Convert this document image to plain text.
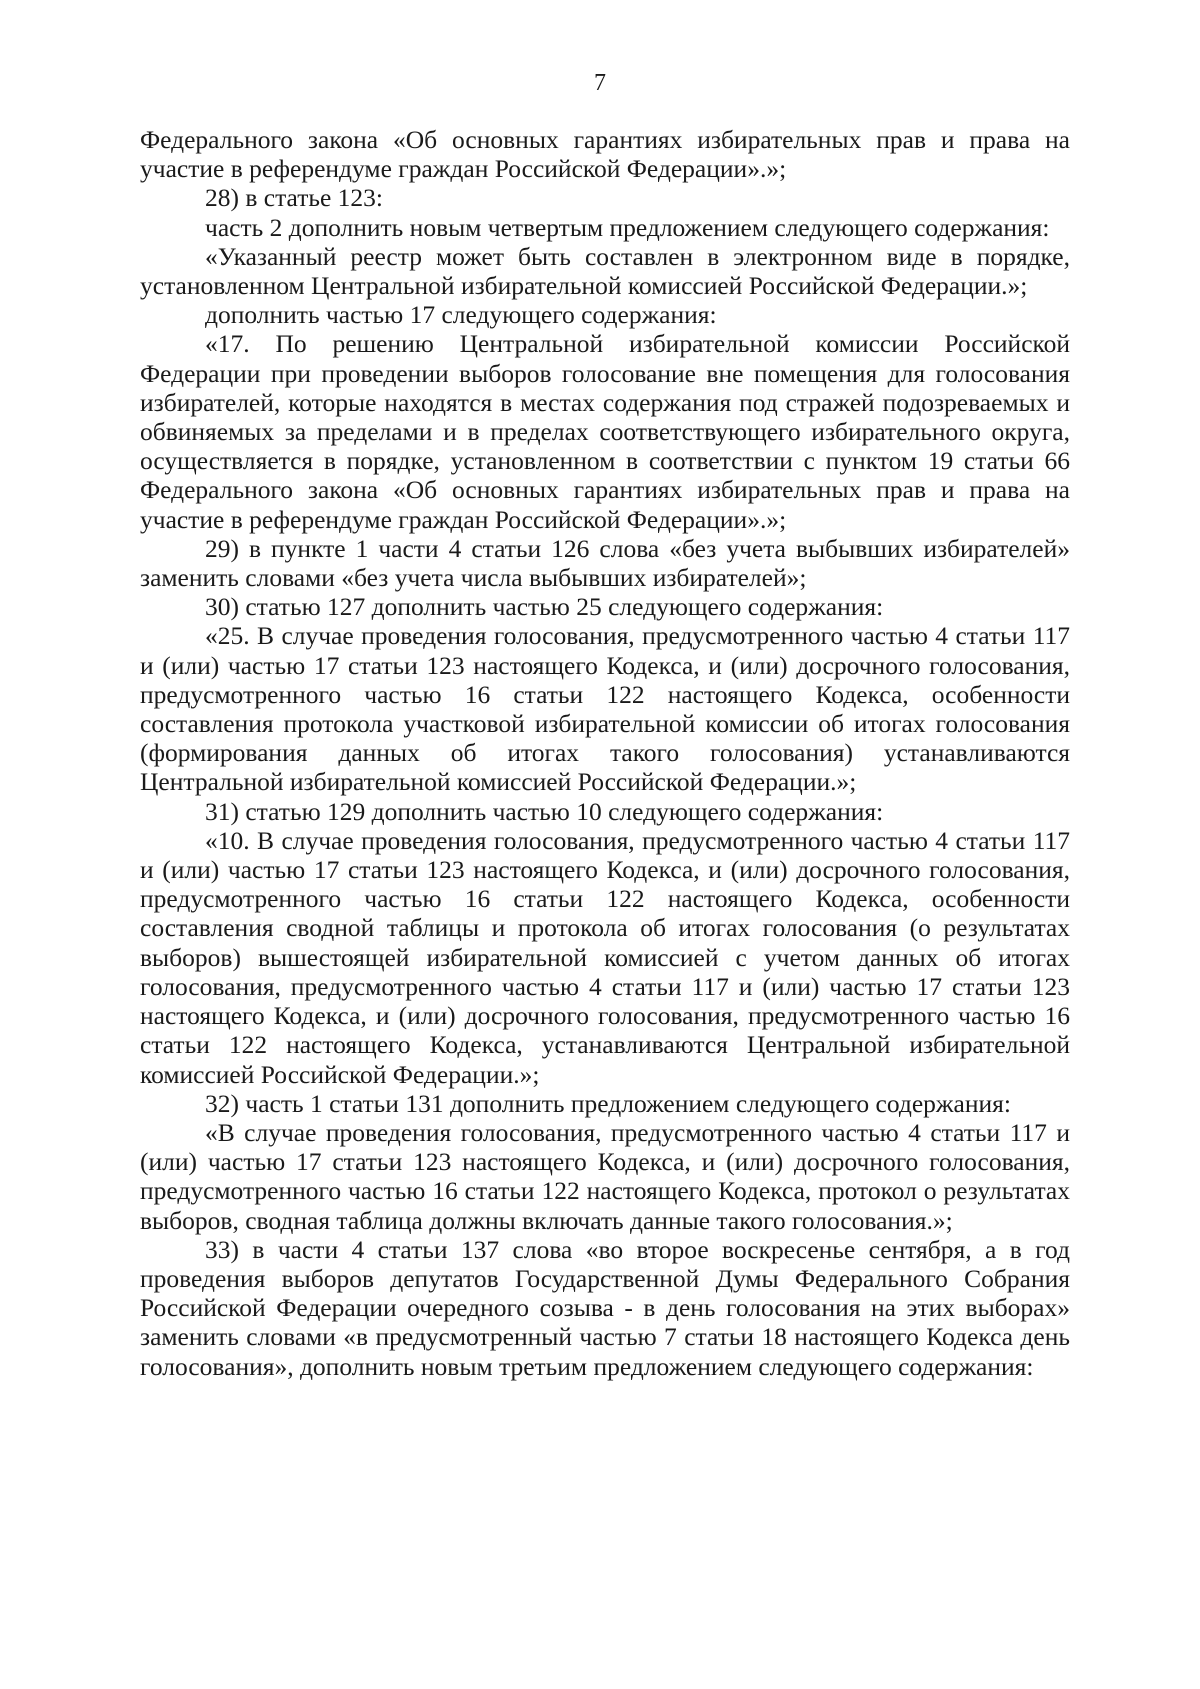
7

Федерального закона «Об основных гарантиях избирательных прав и права на участие в референдуме граждан Российской Федерации».»;

28) в статье 123:

часть 2 дополнить новым четвертым предложением следующего содержания:

«Указанный реестр может быть составлен в электронном виде в порядке, установленном Центральной избирательной комиссией Российской Федерации.»;

дополнить частью 17 следующего содержания:

«17. По решению Центральной избирательной комиссии Российской Федерации при проведении выборов голосование вне помещения для голосования избирателей, которые находятся в местах содержания под стражей подозреваемых и обвиняемых за пределами и в пределах соответствующего избирательного округа, осуществляется в порядке, установленном в соответствии с пунктом 19 статьи 66 Федерального закона «Об основных гарантиях избирательных прав и права на участие в референдуме граждан Российской Федерации».»;

29) в пункте 1 части 4 статьи 126 слова «без учета выбывших избирателей» заменить словами «без учета числа выбывших избирателей»;

30) статью 127 дополнить частью 25 следующего содержания:

«25. В случае проведения голосования, предусмотренного частью 4 статьи 117 и (или) частью 17 статьи 123 настоящего Кодекса, и (или) досрочного голосования, предусмотренного частью 16 статьи 122 настоящего Кодекса, особенности составления протокола участковой избирательной комиссии об итогах голосования (формирования данных об итогах такого голосования) устанавливаются Центральной избирательной комиссией Российской Федерации.»;

31) статью 129 дополнить частью 10 следующего содержания:

«10. В случае проведения голосования, предусмотренного частью 4 статьи 117 и (или) частью 17 статьи 123 настоящего Кодекса, и (или) досрочного голосования, предусмотренного частью 16 статьи 122 настоящего Кодекса, особенности составления сводной таблицы и протокола об итогах голосования (о результатах выборов) вышестоящей избирательной комиссией с учетом данных об итогах голосования, предусмотренного частью 4 статьи 117 и (или) частью 17 статьи 123 настоящего Кодекса, и (или) досрочного голосования, предусмотренного частью 16 статьи 122 настоящего Кодекса, устанавливаются Центральной избирательной комиссией Российской Федерации.»;

32) часть 1 статьи 131 дополнить предложением следующего содержания:

«В случае проведения голосования, предусмотренного частью 4 статьи 117 и (или) частью 17 статьи 123 настоящего Кодекса, и (или) досрочного голосования, предусмотренного частью 16 статьи 122 настоящего Кодекса, протокол о результатах выборов, сводная таблица должны включать данные такого голосования.»;

33) в части 4 статьи 137 слова «во второе воскресенье сентября, а в год проведения выборов депутатов Государственной Думы Федерального Собрания Российской Федерации очередного созыва - в день голосования на этих выборах» заменить словами «в предусмотренный частью 7 статьи 18 настоящего Кодекса день голосования», дополнить новым третьим предложением следующего содержания:
